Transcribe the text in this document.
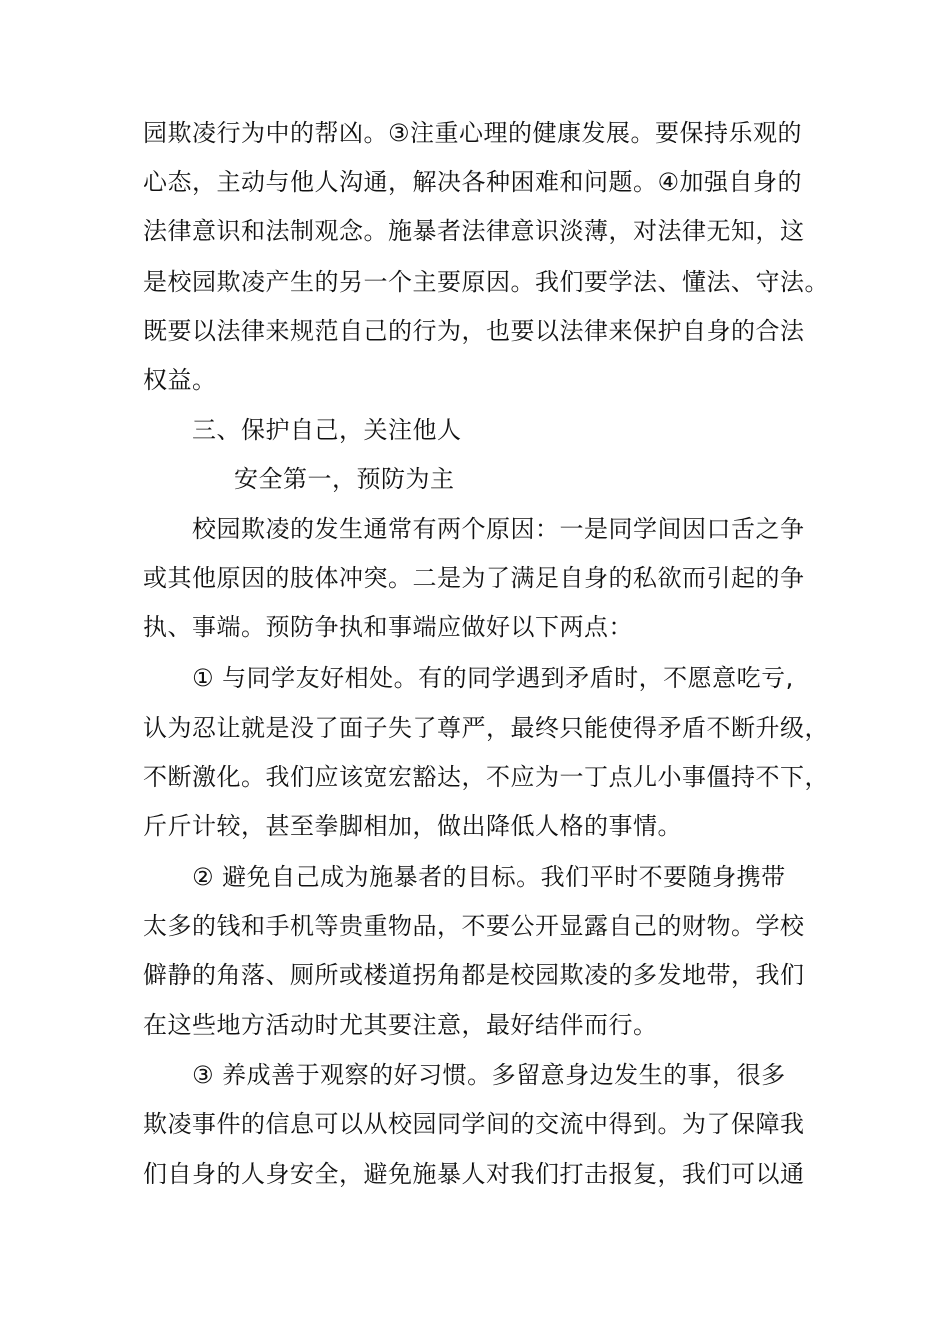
园欺凌行为中的帮凶。③注重心理的健康发展。要保持乐观的
心态，主动与他人沟通，解决各种困难和问题。④加强自身的
法律意识和法制观念。施暴者法律意识淡薄，对法律无知，这
是校园欺凌产生的另一个主要原因。我们要学法、懂法、守法。
既要以法律来规范自己的行为，也要以法律来保护自身的合法
权益。
三、保护自己，关注他人
安全第一，预防为主
校园欺凌的发生通常有两个原因：一是同学间因口舌之争
或其他原因的肢体冲突。二是为了满足自身的私欲而引起的争
执、事端。预防争执和事端应做好以下两点：
① 与同学友好相处。有的同学遇到矛盾时，不愿意吃亏,
认为忍让就是没了面子失了尊严，最终只能使得矛盾不断升级，
不断激化。我们应该宽宏豁达，不应为一丁点儿小事僵持不下，
斤斤计较，甚至拳脚相加，做出降低人格的事情。
② 避免自己成为施暴者的目标。我们平时不要随身携带
太多的钱和手机等贵重物品，不要公开显露自己的财物。学校
僻静的角落、厕所或楼道拐角都是校园欺凌的多发地带，我们
在这些地方活动时尤其要注意，最好结伴而行。
③ 养成善于观察的好习惯。多留意身边发生的事，很多
欺凌事件的信息可以从校园同学间的交流中得到。为了保障我
们自身的人身安全，避免施暴人对我们打击报复，我们可以通
